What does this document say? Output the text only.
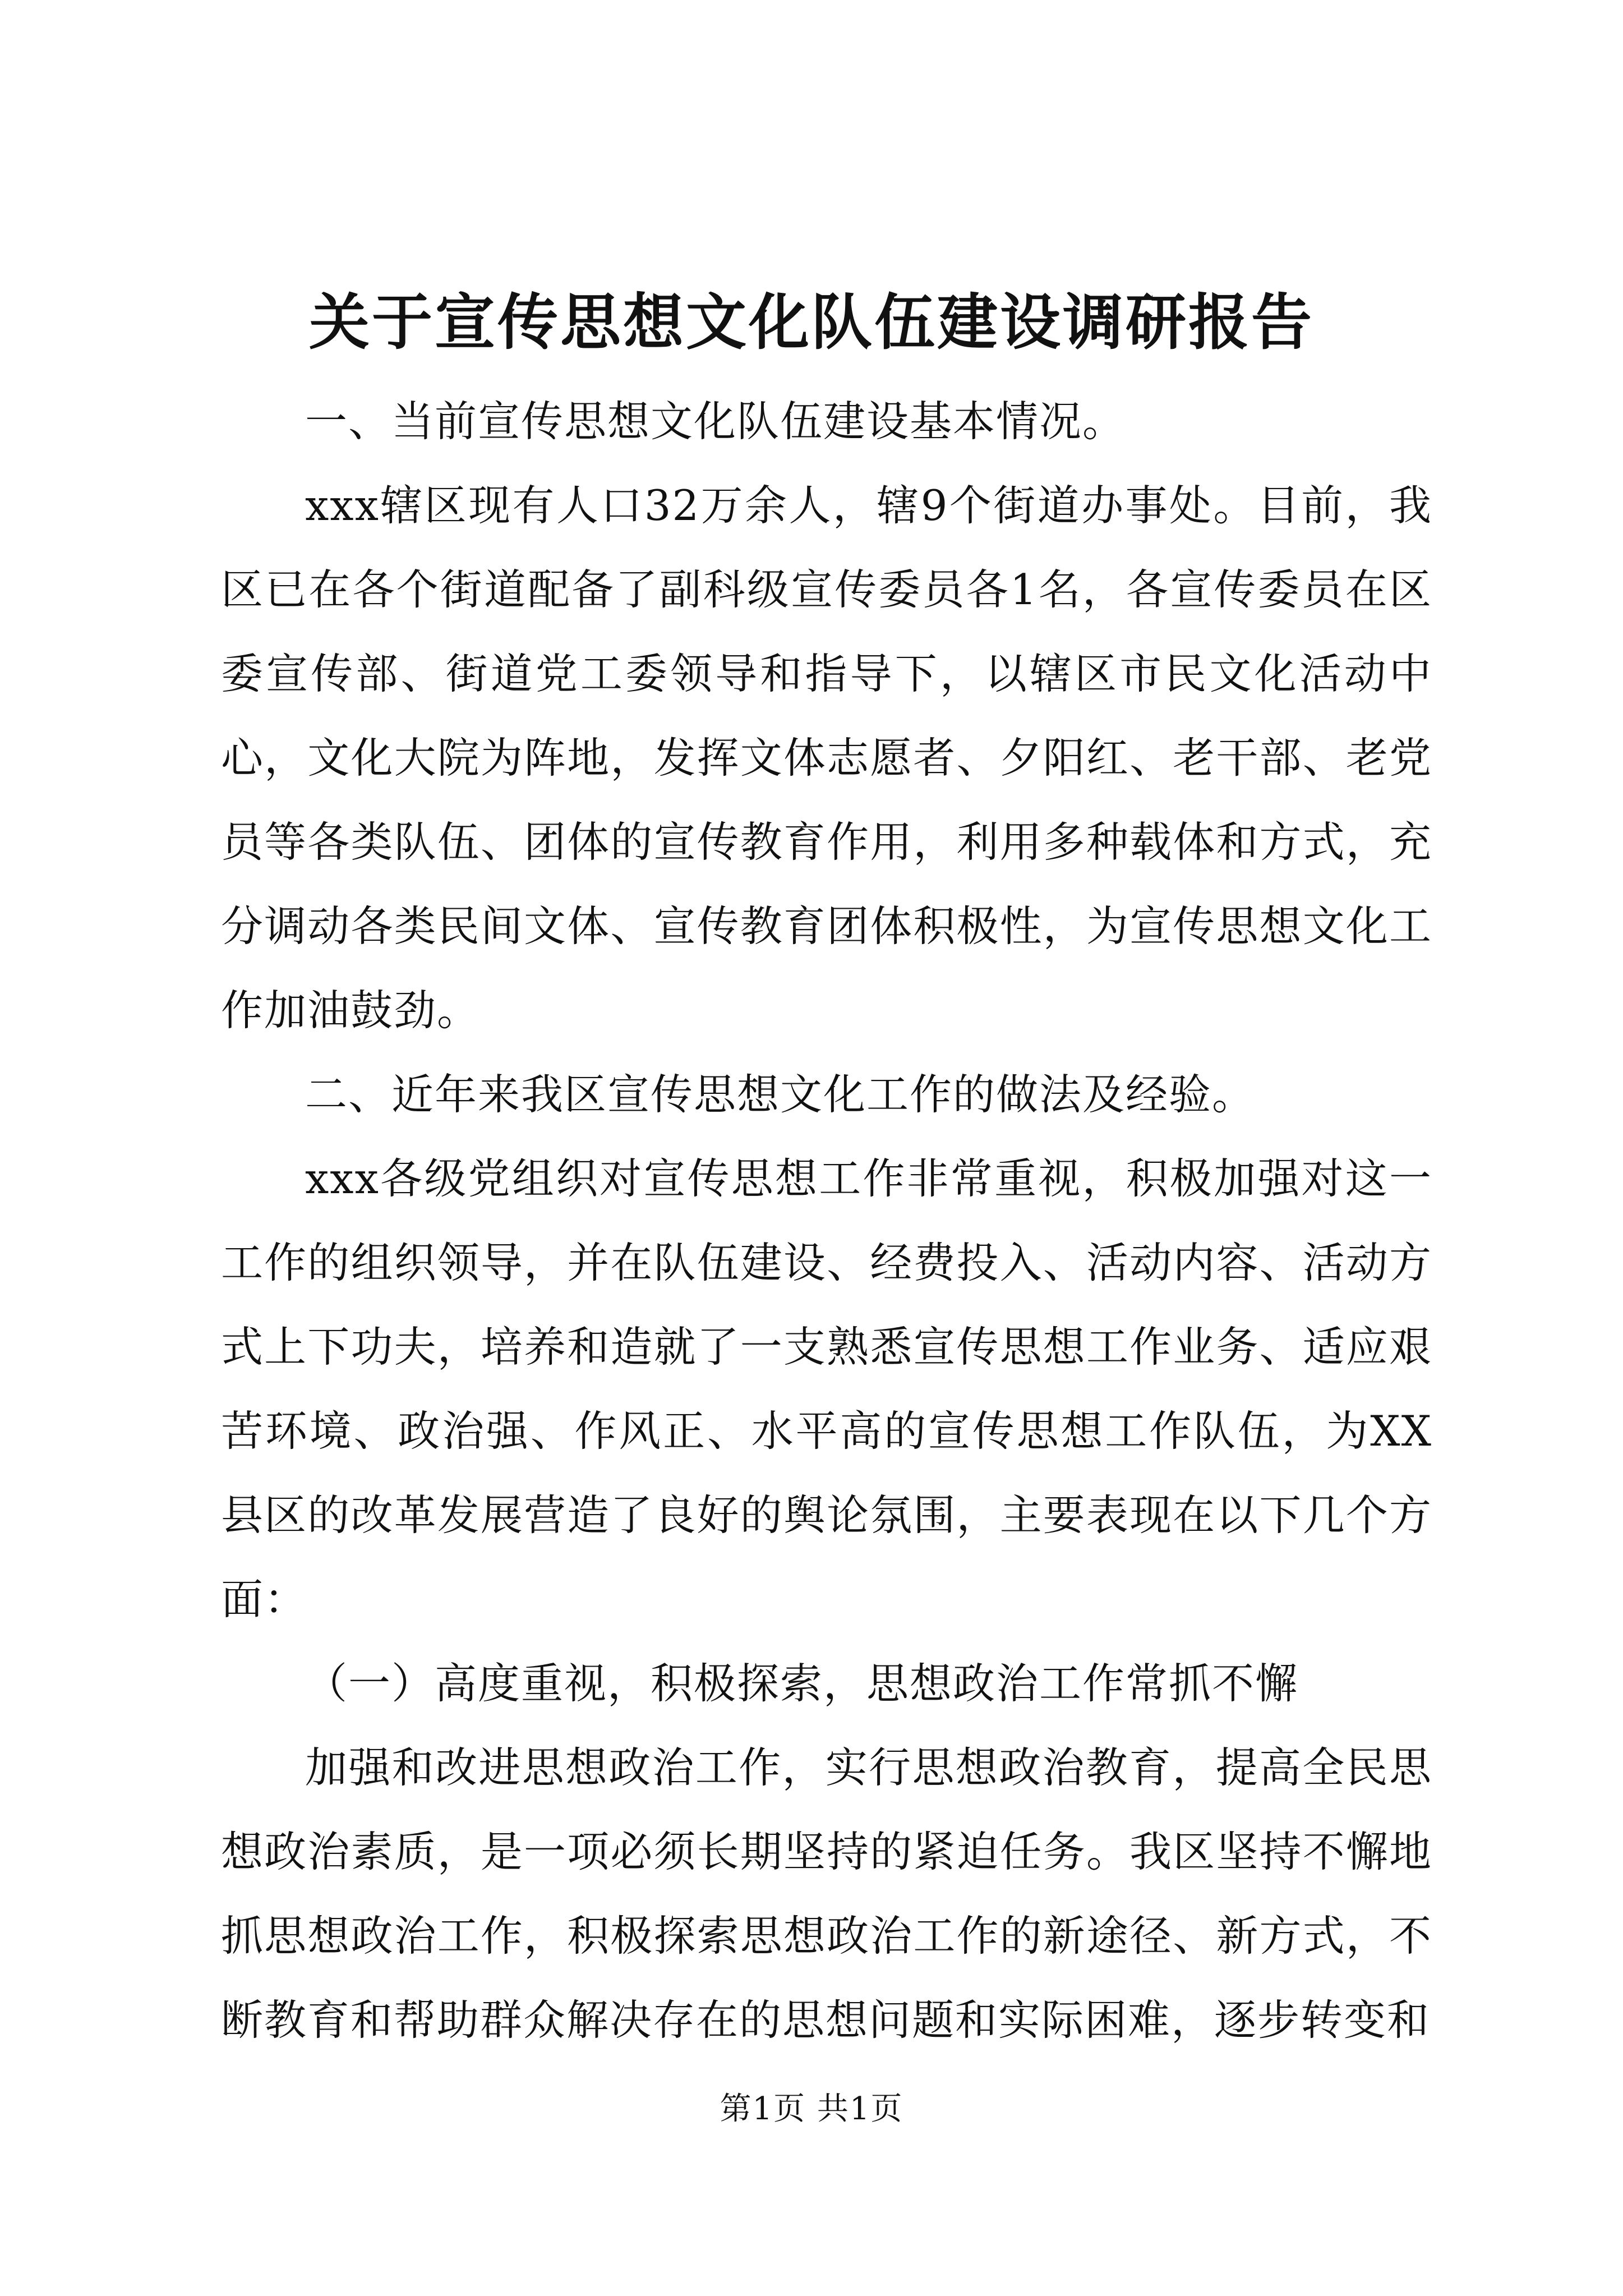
关于宣传思想文化队伍建设调研报告

一、当前宣传思想文化队伍建设基本情况。

xxx辖区现有人口32万余人，辖9个街道办事处。目前，我区已在各个街道配备了副科级宣传委员各1名，各宣传委员在区委宣传部、街道党工委领导和指导下，以辖区市民文化活动中心，文化大院为阵地，发挥文体志愿者、夕阳红、老干部、老党员等各类队伍、团体的宣传教育作用，利用多种载体和方式，充分调动各类民间文体、宣传教育团体积极性，为宣传思想文化工作加油鼓劲。

二、近年来我区宣传思想文化工作的做法及经验。

xxx各级党组织对宣传思想工作非常重视，积极加强对这一工作的组织领导，并在队伍建设、经费投入、活动内容、活动方式上下功夫，培养和造就了一支熟悉宣传思想工作业务、适应艰苦环境、政治强、作风正、水平高的宣传思想工作队伍，为XX县区的改革发展营造了良好的舆论氛围，主要表现在以下几个方面：

（一）高度重视，积极探索，思想政治工作常抓不懈

加强和改进思想政治工作，实行思想政治教育，提高全民思想政治素质，是一项必须长期坚持的紧迫任务。我区坚持不懈地抓思想政治工作，积极探索思想政治工作的新途径、新方式，不断教育和帮助群众解决存在的思想问题和实际困难，逐步转变和

第1页 共1页
